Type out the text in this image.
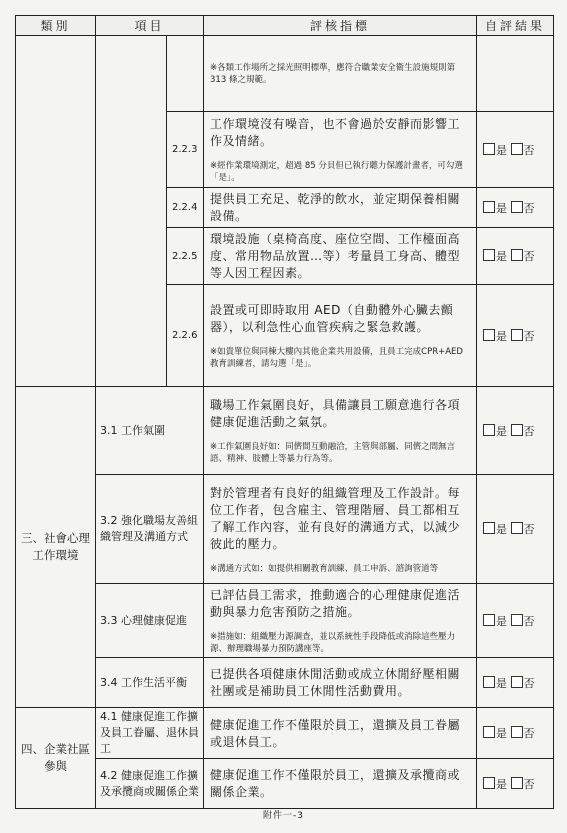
類別	項目		評核指標	自評結果

			※各類工作場所之採光照明標準，應符合職業安全衛生設施規則第 313 條之規範。	

		2.2.3	工作環境沒有噪音，也不會過於安靜而影響工作及情緒。
※經作業環境測定，超過 85 分貝但已執行聽力保護計畫者，可勾選「是」。	是 否
		2.2.4	提供員工充足、乾淨的飲水，並定期保養相關設備。	是 否
		2.2.5	環境設施（桌椅高度、座位空間、工作檯面高度、常用物品放置…等）考量員工身高、體型等人因工程因素。	是 否
		2.2.6	設置或可即時取用 AED（自動體外心臟去顫器），以利急性心血管疾病之緊急救護。
※如貴單位與同棟大樓內其他企業共用設備，且員工完成CPR+AED 教育訓練者，請勾選「是」。	是 否
三、社會心理工作環境	3.1 工作氣圍		職場工作氣圍良好，具備讓員工願意進行各項健康促進活動之氣氛。
※工作氣圍良好如：同儕間互動融洽，主管與部屬、同儕之間無言語、精神、肢體上等暴力行為等。	是 否
	3.2 強化職場友善組織管理及溝通方式		對於管理者有良好的組織管理及工作設計。每位工作者，包含雇主、管理階層、員工都相互了解工作內容，並有良好的溝通方式，以減少彼此的壓力。
※溝通方式如：如提供相關教育訓練、員工申訴、諮詢管道等	是 否
	3.3 心理健康促進		已評估員工需求，推動適合的心理健康促進活動與暴力危害預防之措施。
※措施如：組織壓力源調查，並以系統性手段降低或消除這些壓力源、辦理職場暴力預防講座等。	是 否
	3.4 工作生活平衡		已提供各項健康休閒活動或成立休閒紓壓相關社團或是補助員工休閒性活動費用。	是 否
四、企業社區參與	4.1 健康促進工作擴及員工眷屬、退休員工		健康促進工作不僅限於員工，還擴及員工眷屬或退休員工。	是 否
	4.2 健康促進工作擴及承攬商或關係企業		健康促進工作不僅限於員工，還擴及承攬商或關係企業。	是 否
附件一-3
